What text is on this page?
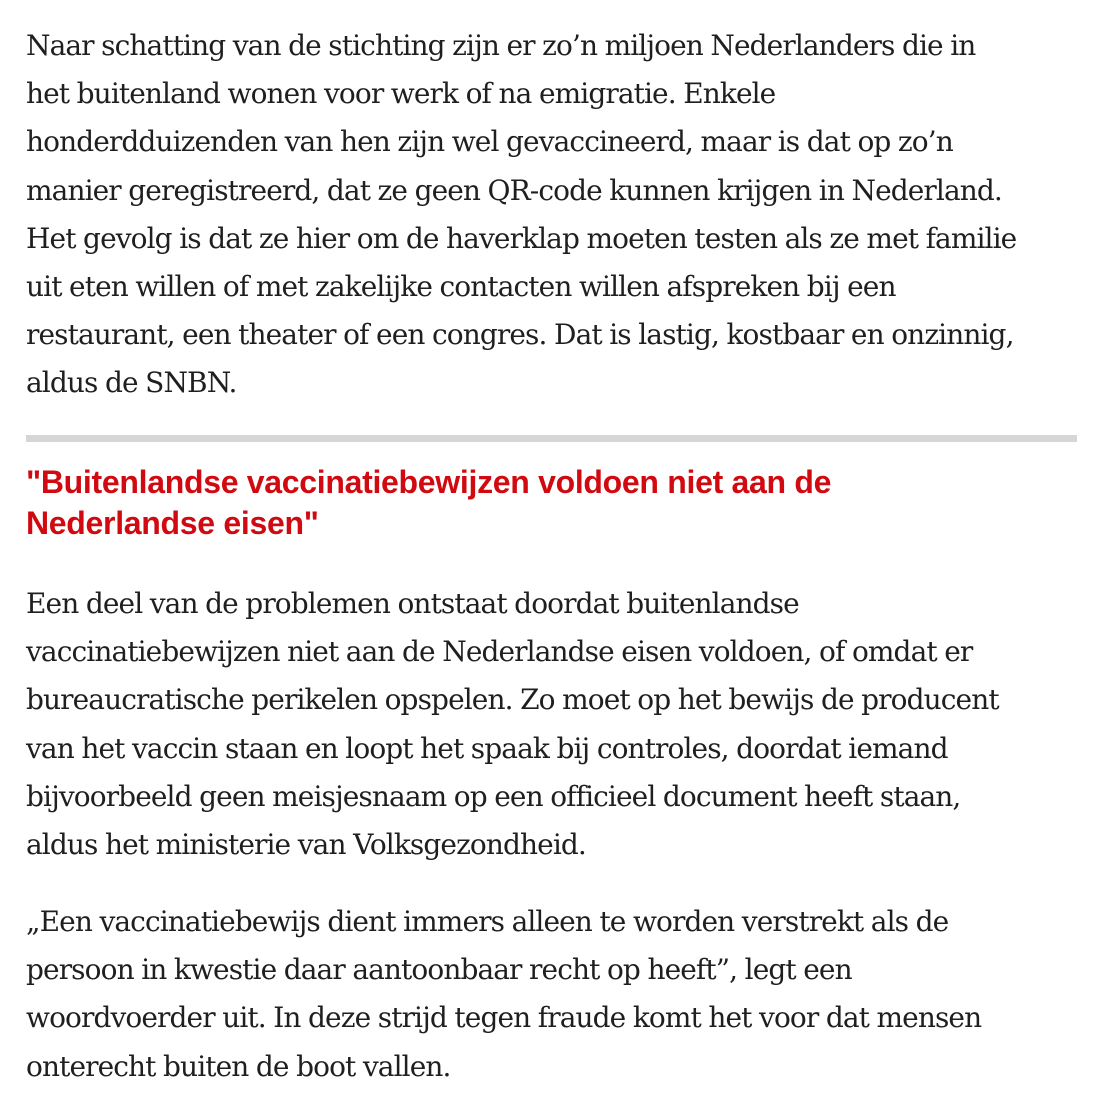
Naar schatting van de stichting zijn er zo’n miljoen Nederlanders die in
het buitenland wonen voor werk of na emigratie. Enkele
honderdduizenden van hen zijn wel gevaccineerd, maar is dat op zo’n
manier geregistreerd, dat ze geen QR-code kunnen krijgen in Nederland.
Het gevolg is dat ze hier om de haverklap moeten testen als ze met familie
uit eten willen of met zakelijke contacten willen afspreken bij een
restaurant, een theater of een congres. Dat is lastig, kostbaar en onzinnig,
aldus de SNBN.
"Buitenlandse vaccinatiebewijzen voldoen niet aan de
Nederlandse eisen"
Een deel van de problemen ontstaat doordat buitenlandse
vaccinatiebewijzen niet aan de Nederlandse eisen voldoen, of omdat er
bureaucratische perikelen opspelen. Zo moet op het bewijs de producent
van het vaccin staan en loopt het spaak bij controles, doordat iemand
bijvoorbeeld geen meisjesnaam op een officieel document heeft staan,
aldus het ministerie van Volksgezondheid.
„Een vaccinatiebewijs dient immers alleen te worden verstrekt als de
persoon in kwestie daar aantoonbaar recht op heeft”, legt een
woordvoerder uit. In deze strijd tegen fraude komt het voor dat mensen
onterecht buiten de boot vallen.
